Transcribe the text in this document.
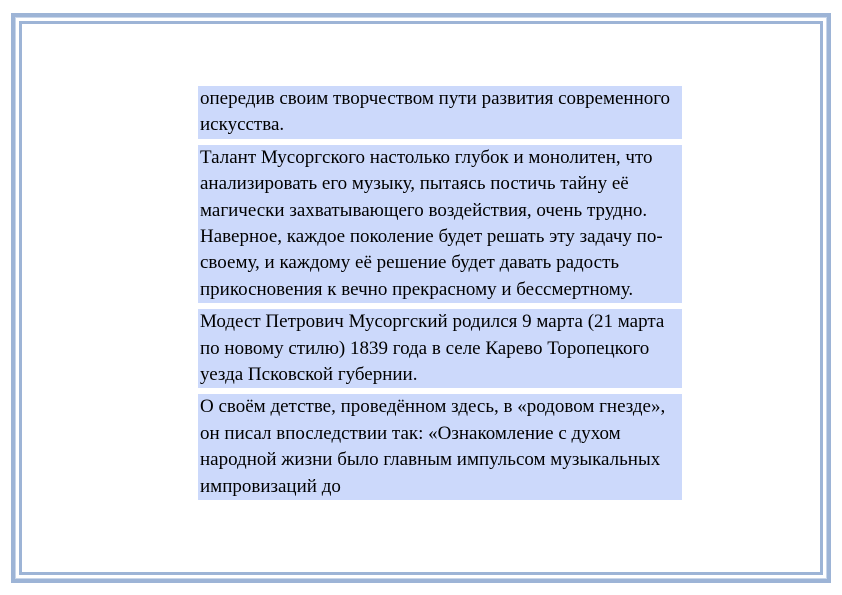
опередив своим творчеством пути развития современного искусства.
Талант Мусоргского настолько глубок и монолитен, что анализировать его музыку, пытаясь постичь тайну её магически захватывающего воздействия, очень трудно. Наверное, каждое поколение будет решать эту задачу по-своему, и каждому её решение будет давать радость прикосновения к вечно прекрасному и бессмертному.
Модест Петрович Мусоргский родился 9 марта (21 марта по новому стилю) 1839 года в селе Карево Торопецкого уезда Псковской губернии.
О своём детстве, проведённом здесь, в «родовом гнезде», он писал впоследствии так: «Ознакомление с духом народной жизни было главным импульсом музыкальных импровизаций до
